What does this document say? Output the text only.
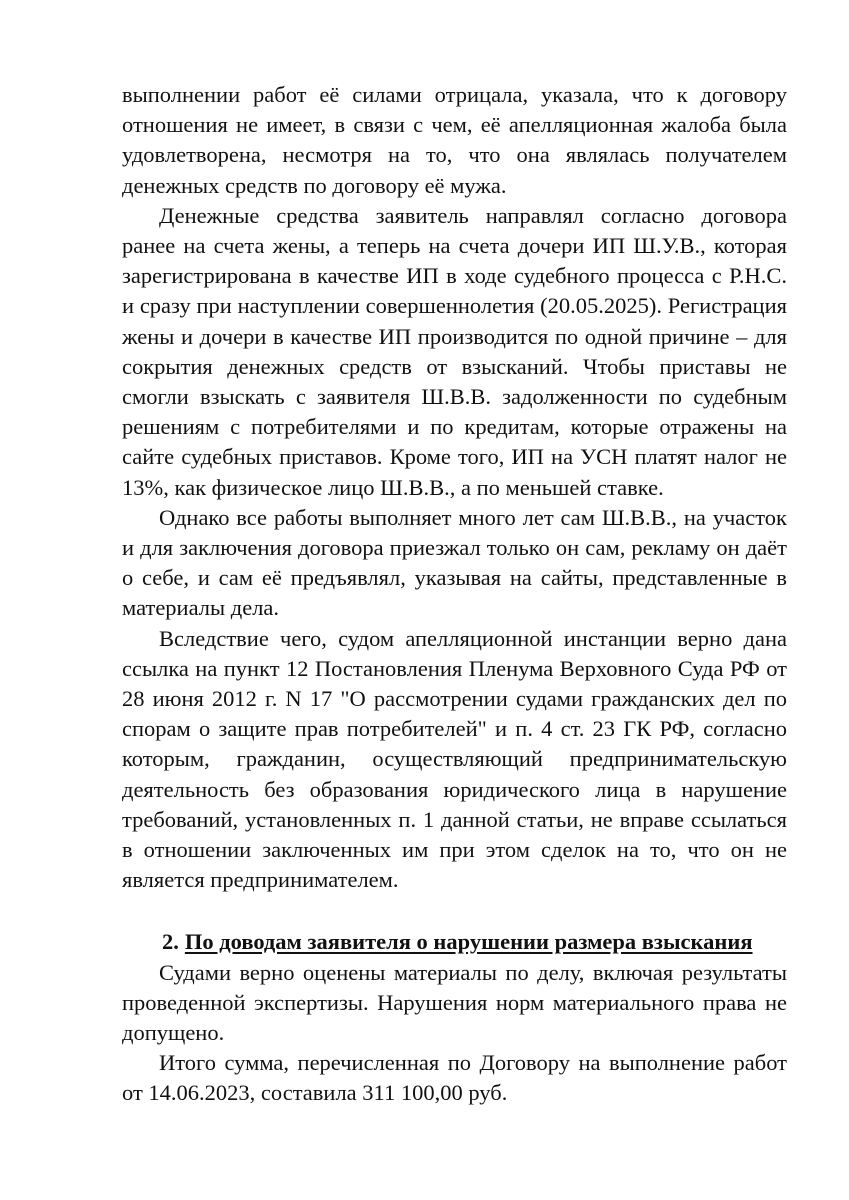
выполнении работ её силами отрицала, указала, что к договору отношения не имеет, в связи с чем, её апелляционная жалоба была удовлетворена, несмотря на то, что она являлась получателем денежных средств по договору её мужа.

Денежные средства заявитель направлял согласно договора ранее на счета жены, а теперь на счета дочери ИП Ш.У.В., которая зарегистрирована в качестве ИП в ходе судебного процесса с Р.Н.С. и сразу при наступлении совершеннолетия (20.05.2025). Регистрация жены и дочери в качестве ИП производится по одной причине – для сокрытия денежных средств от взысканий. Чтобы приставы не смогли взыскать с заявителя Ш.В.В. задолженности по судебным решениям с потребителями и по кредитам, которые отражены на сайте судебных приставов. Кроме того, ИП на УСН платят налог не 13%, как физическое лицо Ш.В.В., а по меньшей ставке.

Однако все работы выполняет много лет сам Ш.В.В., на участок и для заключения договора приезжал только он сам, рекламу он даёт о себе, и сам её предъявлял, указывая на сайты, представленные в материалы дела.

Вследствие чего, судом апелляционной инстанции верно дана ссылка на пункт 12 Постановления Пленума Верховного Суда РФ от 28 июня 2012 г. N 17 "О рассмотрении судами гражданских дел по спорам о защите прав потребителей" и п. 4 ст. 23 ГК РФ, согласно которым, гражданин, осуществляющий предпринимательскую деятельность без образования юридического лица в нарушение требований, установленных п. 1 данной статьи, не вправе ссылаться в отношении заключенных им при этом сделок на то, что он не является предпринимателем.

2. По доводам заявителя о нарушении размера взыскания

Судами верно оценены материалы по делу, включая результаты проведенной экспертизы. Нарушения норм материального права не допущено.

Итого сумма, перечисленная по Договору на выполнение работ от 14.06.2023, составила 311 100,00 руб.
